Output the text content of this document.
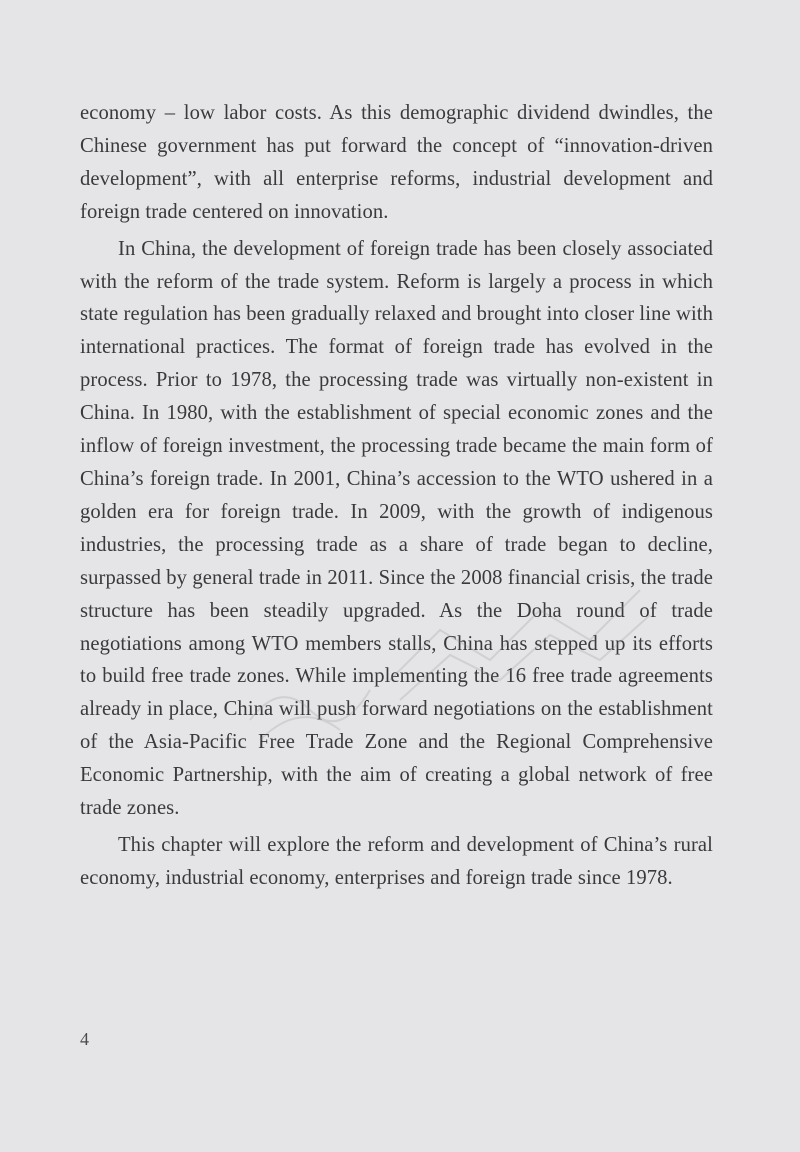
economy – low labor costs. As this demographic dividend dwindles, the Chinese government has put forward the concept of “innovation-driven development”, with all enterprise reforms, industrial development and foreign trade centered on innovation.

In China, the development of foreign trade has been closely associated with the reform of the trade system. Reform is largely a process in which state regulation has been gradually relaxed and brought into closer line with international practices. The format of foreign trade has evolved in the process. Prior to 1978, the processing trade was virtually non-existent in China. In 1980, with the establishment of special economic zones and the inflow of foreign investment, the processing trade became the main form of China’s foreign trade. In 2001, China’s accession to the WTO ushered in a golden era for foreign trade. In 2009, with the growth of indigenous industries, the processing trade as a share of trade began to decline, surpassed by general trade in 2011. Since the 2008 financial crisis, the trade structure has been steadily upgraded. As the Doha round of trade negotiations among WTO members stalls, China has stepped up its efforts to build free trade zones. While implementing the 16 free trade agreements already in place, China will push forward negotiations on the establishment of the Asia-Pacific Free Trade Zone and the Regional Comprehensive Economic Partnership, with the aim of creating a global network of free trade zones.

This chapter will explore the reform and development of China’s rural economy, industrial economy, enterprises and foreign trade since 1978.

4
